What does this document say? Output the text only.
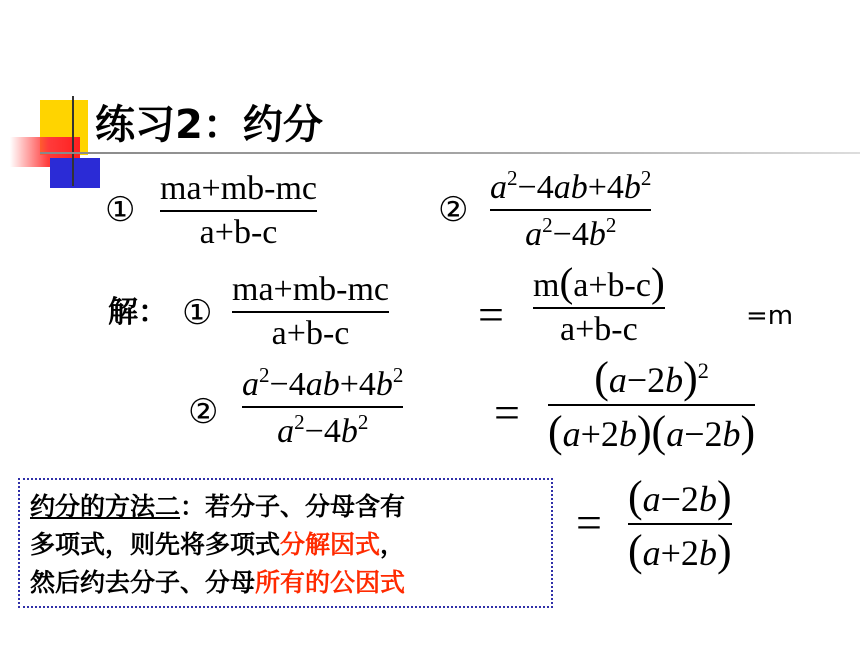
练习2：约分
①
ma+mb-mc
a+b-c
②
$a^2-4ab+4b^2$
$a^2-4b^2$
解： ①
ma+mb-mc
a+b-c	=
m(a+b-c)
a+b-c	=m
②
$a^2-4ab+4b^2$
$a^2-4b^2$	=
$(a-2b)^2$
(a+2b)(a−2b)
=
(a−2b)
(a+2b)
约分的方法二：若分子、分母含有
多项式，则先将多项式分解因式，
然后约去分子、分母所有的公因式
